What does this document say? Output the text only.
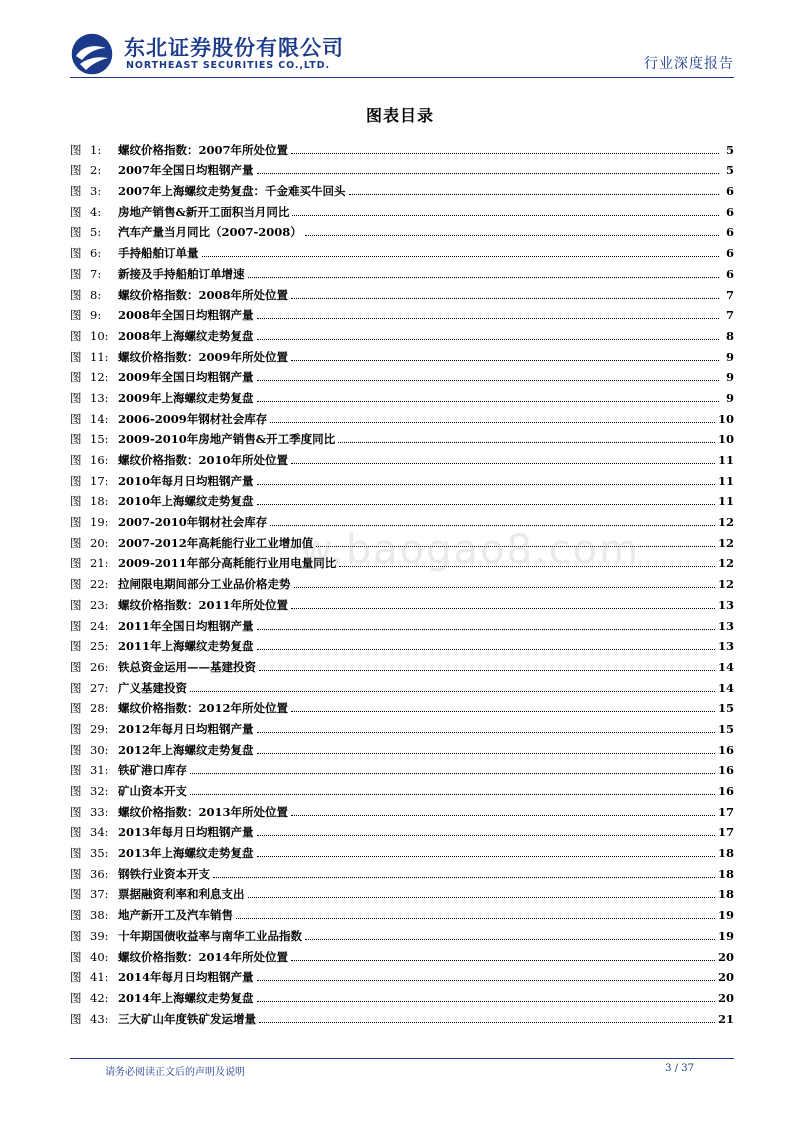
东北证券股份有限公司
NORTHEAST SECURITIES CO.,LTD.	行业深度报告
图表目录
图 1:	螺纹价格指数：2007年所处位置	5
图 2:	2007年全国日均粗钢产量	5
图 3:	2007年上海螺纹走势复盘：千金难买牛回头	6
图 4:	房地产销售&新开工面积当月同比	6
图 5:	汽车产量当月同比（2007-2008）	6
图 6:	手持船舶订单量	6
图 7:	新接及手持船舶订单增速	6
图 8:	螺纹价格指数：2008年所处位置	7
图 9:	2008年全国日均粗钢产量	7
图 10: 2008年上海螺纹走势复盘	8
图 11: 螺纹价格指数：2009年所处位置	9
图 12: 2009年全国日均粗钢产量	9
图 13: 2009年上海螺纹走势复盘	9
图 14: 2006-2009年钢材社会库存	10
图 15: 2009-2010年房地产销售&开工季度同比	10
图 16: 螺纹价格指数：2010年所处位置	11
图 17: 2010年每月日均粗钢产量	11
图 18: 2010年上海螺纹走势复盘	11
图 19: 2007-2010年钢材社会库存	12
图 20: 2007-2012年高耗能行业工业增加值	12
图 21: 2009-2011年部分高耗能行业用电量同比	12
图 22: 拉闸限电期间部分工业品价格走势	12
图 23: 螺纹价格指数：2011年所处位置	13
图 24: 2011年全国日均粗钢产量	13
图 25: 2011年上海螺纹走势复盘	13
图 26: 铁总资金运用——基建投资	14
图 27: 广义基建投资	14
图 28: 螺纹价格指数：2012年所处位置	15
图 29: 2012年每月日均粗钢产量	15
图 30: 2012年上海螺纹走势复盘	16
图 31: 铁矿港口库存	16
图 32: 矿山资本开支	16
图 33: 螺纹价格指数：2013年所处位置	17
图 34: 2013年每月日均粗钢产量	17
图 35: 2013年上海螺纹走势复盘	18
图 36: 钢铁行业资本开支	18
图 37: 票据融资利率和利息支出	18
图 38: 地产新开工及汽车销售	19
图 39: 十年期国债收益率与南华工业品指数	19
图 40: 螺纹价格指数：2014年所处位置	20
图 41: 2014年每月日均粗钢产量	20
图 42: 2014年上海螺纹走势复盘	20
图 43: 三大矿山年度铁矿发运增量	21
w.baogao8.com
请务必阅读正文后的声明及说明	3 / 37
